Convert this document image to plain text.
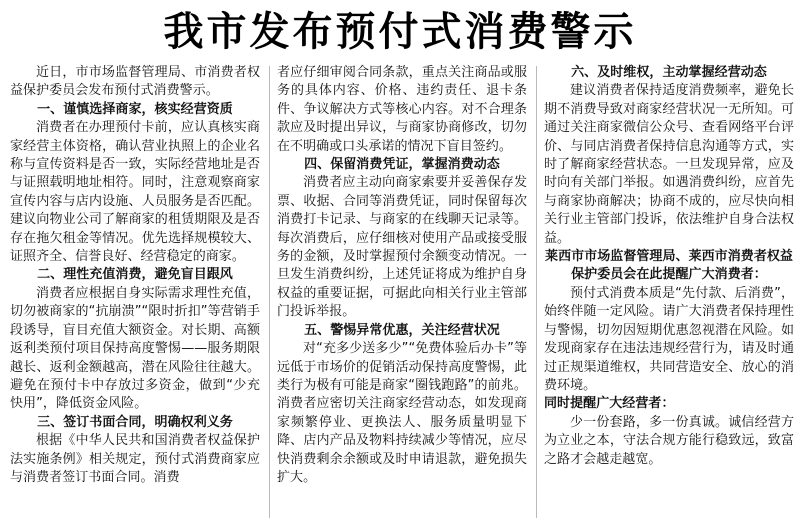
我市发布预付式消费警示

近日，市市场监督管理局、市消费者权益保护委员会发布预付式消费警示。

一、谨慎选择商家，核实经营资质

消费者在办理预付卡前，应认真核实商家经营主体资格，确认营业执照上的企业名称与宣传资料是否一致，实际经营地址是否与证照载明地址相符。同时，注意观察商家宣传内容与店内设施、人员服务是否匹配。建议向物业公司了解商家的租赁期限及是否存在拖欠租金等情况。优先选择规模较大、证照齐全、信誉良好、经营稳定的商家。

二、理性充值消费，避免盲目跟风

消费者应根据自身实际需求理性充值，切勿被商家的“抗崩溃”“限时折扣”等营销手段诱导，盲目充值大额资金。对长期、高额返利类预付项目保持高度警惕——服务期限越长、返利金额越高，潜在风险往往越大。避免在预付卡中存放过多资金，做到“少充快用”，降低资金风险。

三、签订书面合同，明确权利义务

根据《中华人民共和国消费者权益保护法实施条例》相关规定，预付式消费商家应与消费者签订书面合同。消费

者应仔细审阅合同条款，重点关注商品或服务的具体内容、价格、违约责任、退卡条件、争议解决方式等核心内容。对不合理条款应及时提出异议，与商家协商修改，切勿在不明确或口头承诺的情况下盲目签约。

四、保留消费凭证，掌握消费动态

消费者应主动向商家索要并妥善保存发票、收据、合同等消费凭证，同时保留每次消费打卡记录、与商家的在线聊天记录等。每次消费后，应仔细核对使用产品或接受服务的金额，及时掌握预付余额变动情况。一旦发生消费纠纷，上述凭证将成为维护自身权益的重要证据，可据此向相关行业主管部门投诉举报。

五、警惕异常优惠，关注经营状况

对“充多少送多少”“免费体验后办卡”等远低于市场价的促销活动保持高度警惕，此类行为极有可能是商家“圈钱跑路”的前兆。消费者应密切关注商家经营动态，如发现商家频繁停业、更换法人、服务质量明显下降、店内产品及物料持续减少等情况，应尽快消费剩余余额或及时申请退款，避免损失扩大。

六、及时维权，主动掌握经营动态

建议消费者保持适度消费频率，避免长期不消费导致对商家经营状况一无所知。可通过关注商家微信公众号、查看网络平台评价、与同店消费者保持信息沟通等方式，实时了解商家经营状态。一旦发现异常，应及时向有关部门举报。如遇消费纠纷，应首先与商家协商解决；协商不成的，应尽快向相关行业主管部门投诉，依法维护自身合法权益。

莱西市市场监督管理局、莱西市消费者权益保护委员会在此提醒广大消费者：

预付式消费本质是“先付款、后消费”，始终伴随一定风险。请广大消费者保持理性与警惕，切勿因短期优惠忽视潜在风险。如发现商家存在违法违规经营行为，请及时通过正规渠道维权，共同营造安全、放心的消费环境。

同时提醒广大经营者：

少一份套路，多一份真诚。诚信经营方为立业之本，守法合规方能行稳致远，致富之路才会越走越宽。
